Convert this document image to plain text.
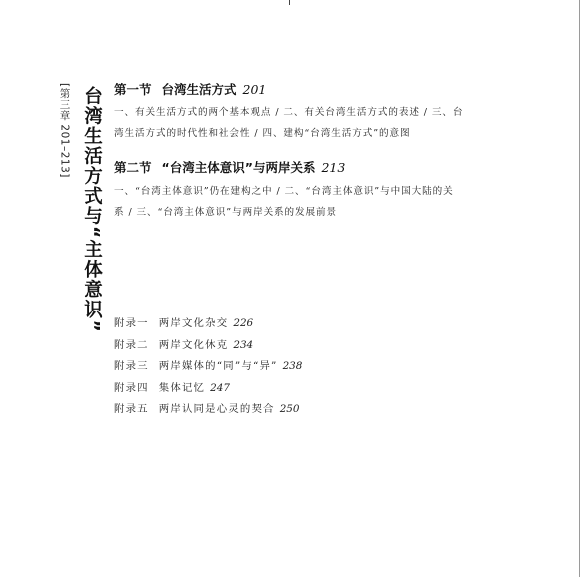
[第三章 201–213] 台湾生活方式与“主体意识” 第一节 台湾生活方式 201
一、有关生活方式的两个基本观点 / 二、有关台湾生活方式的表述 / 三、台
湾生活方式的时代性和社会性 / 四、建构“台湾生活方式”的意图
第二节 “台湾主体意识”与两岸关系 213
一、“台湾主体意识”仍在建构之中 / 二、“台湾主体意识”与中国大陆的关
系 / 三、“台湾主体意识”与两岸关系的发展前景
附录一 两岸文化杂交 226
附录二 两岸文化休克 234
附录三 两岸媒体的“同”与“异” 238
附录四 集体记忆 247
附录五 两岸认同是心灵的契合 250
